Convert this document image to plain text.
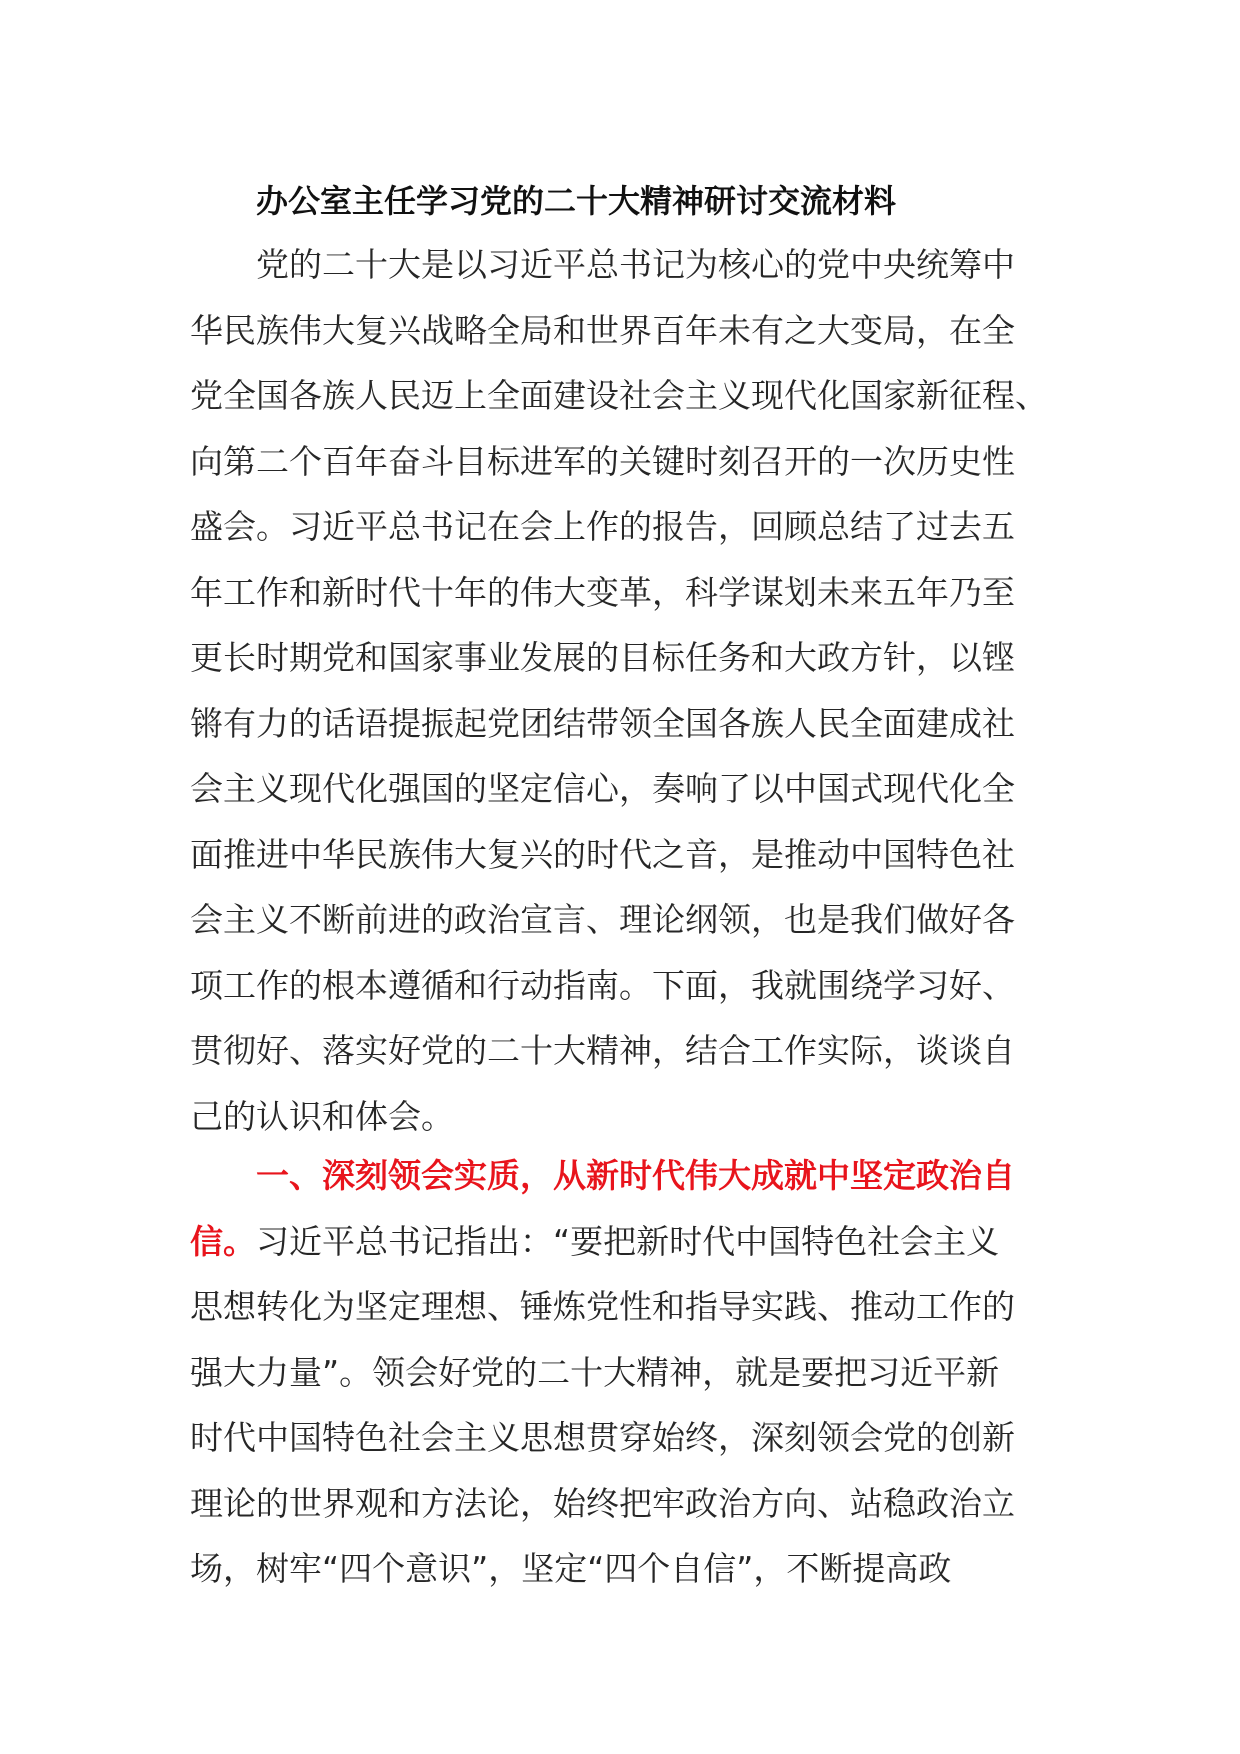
办公室主任学习党的二十大精神研讨交流材料
党的二十大是以习近平总书记为核心的党中央统筹中
华民族伟大复兴战略全局和世界百年未有之大变局，在全
党全国各族人民迈上全面建设社会主义现代化国家新征程、
向第二个百年奋斗目标进军的关键时刻召开的一次历史性
盛会。习近平总书记在会上作的报告，回顾总结了过去五
年工作和新时代十年的伟大变革，科学谋划未来五年乃至
更长时期党和国家事业发展的目标任务和大政方针，以铿
锵有力的话语提振起党团结带领全国各族人民全面建成社
会主义现代化强国的坚定信心，奏响了以中国式现代化全
面推进中华民族伟大复兴的时代之音，是推动中国特色社
会主义不断前进的政治宣言、理论纲领，也是我们做好各
项工作的根本遵循和行动指南。下面，我就围绕学习好、
贯彻好、落实好党的二十大精神，结合工作实际，谈谈自
己的认识和体会。
一、深刻领会实质，从新时代伟大成就中坚定政治自
信。习近平总书记指出：“要把新时代中国特色社会主义
思想转化为坚定理想、锤炼党性和指导实践、推动工作的
强大力量”。领会好党的二十大精神，就是要把习近平新
时代中国特色社会主义思想贯穿始终，深刻领会党的创新
理论的世界观和方法论，始终把牢政治方向、站稳政治立
场，树牢“四个意识”，坚定“四个自信”，不断提高政
